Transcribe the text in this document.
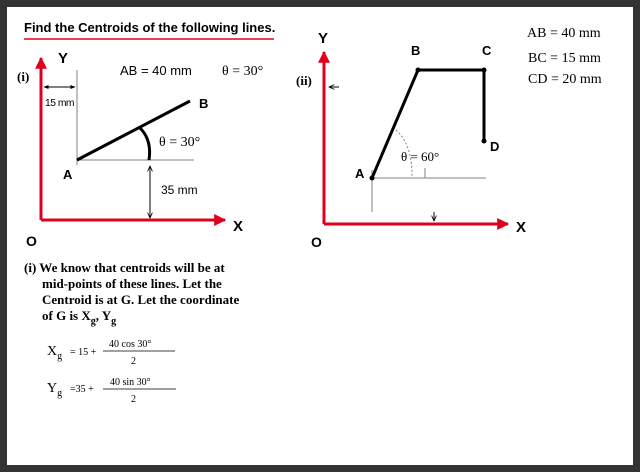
Find the Centroids of the following lines.
(i)
Y
X
O
15 mm
AB = 40 mm θ = 30°
A
B
θ = 30°
35 mm
(ii)
Y
X
O
A
B	C
D
θ = 60°
AB = 40 mm
BC = 15 mm
CD = 20 mm
(i) We know that centroids will be at
mid-points of these lines. Let the
Centroid is at G. Let the coordinate
of G is $X_g$, $Y_g$
$X_g = 15$ +
40 cos 30°
2
$Y_g =35$ +
40 sin 30°
2
